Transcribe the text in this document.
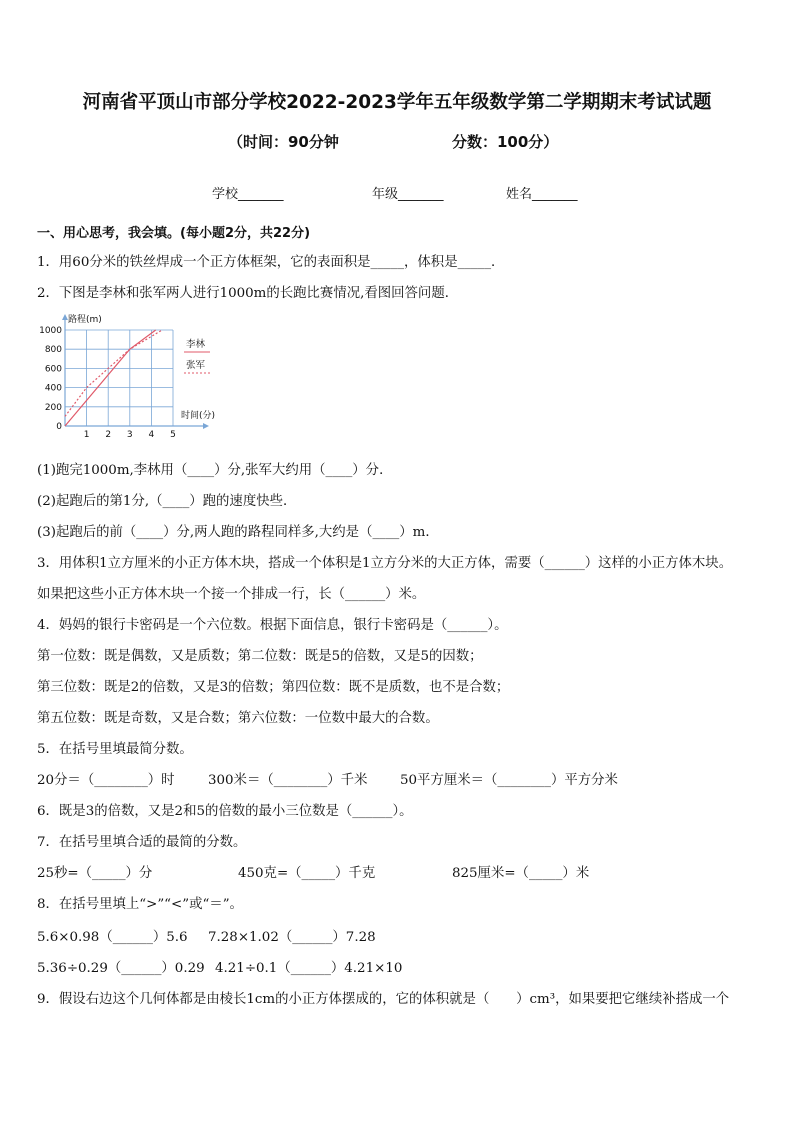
河南省平顶山市部分学校2022-2023学年五年级数学第二学期期末考试试题
（时间：90分钟	分数：100分）
学校_______	年级_______	姓名_______
一、用心思考，我会填。(每小题2分，共22分)
1．用60分米的铁丝焊成一个正方体框架，它的表面积是_____，体积是_____．
2．下图是李林和张军两人进行1000m的长跑比赛情况,看图回答问题．
1 2 3 4 5
0
200
400
600
800
1000
路程(m)
时间(分)
李林
张军
(1)跑完1000m,李林用（____）分,张军大约用（____）分．
(2)起跑后的第1分,（____）跑的速度快些．
(3)起跑后的前（____）分,两人跑的路程同样多,大约是（____）m．
3．用体积1立方厘米的小正方体木块，搭成一个体积是1立方分米的大正方体，需要（______）这样的小正方体木块。
如果把这些小正方体木块一个接一个排成一行，长（______）米。
4．妈妈的银行卡密码是一个六位数。根据下面信息，银行卡密码是（______）。
第一位数：既是偶数，又是质数；第二位数：既是5的倍数，又是5的因数；
第三位数：既是2的倍数，又是3的倍数；第四位数：既不是质数，也不是合数；
第五位数：既是奇数，又是合数；第六位数：一位数中最大的合数。
5．在括号里填最简分数。
20分＝（________）时 300米＝（________）千米 50平方厘米＝（________）平方分米
6．既是3的倍数，又是2和5的倍数的最小三位数是（______）。
7．在括号里填合适的最简的分数。
25秒=（_____）分	450克=（_____）千克	825厘米=（_____）米
8．在括号里填上“>”“<”或“＝”。
5.6×0.98（______）5.6 7.28×1.02（______）7.28
5.36÷0.29（______）0.29 4.21÷0.1（______）4.21×10
9．假设右边这个几何体都是由棱长1cm的小正方体摆成的，它的体积就是（　　）cm³，如果要把它继续补搭成一个
